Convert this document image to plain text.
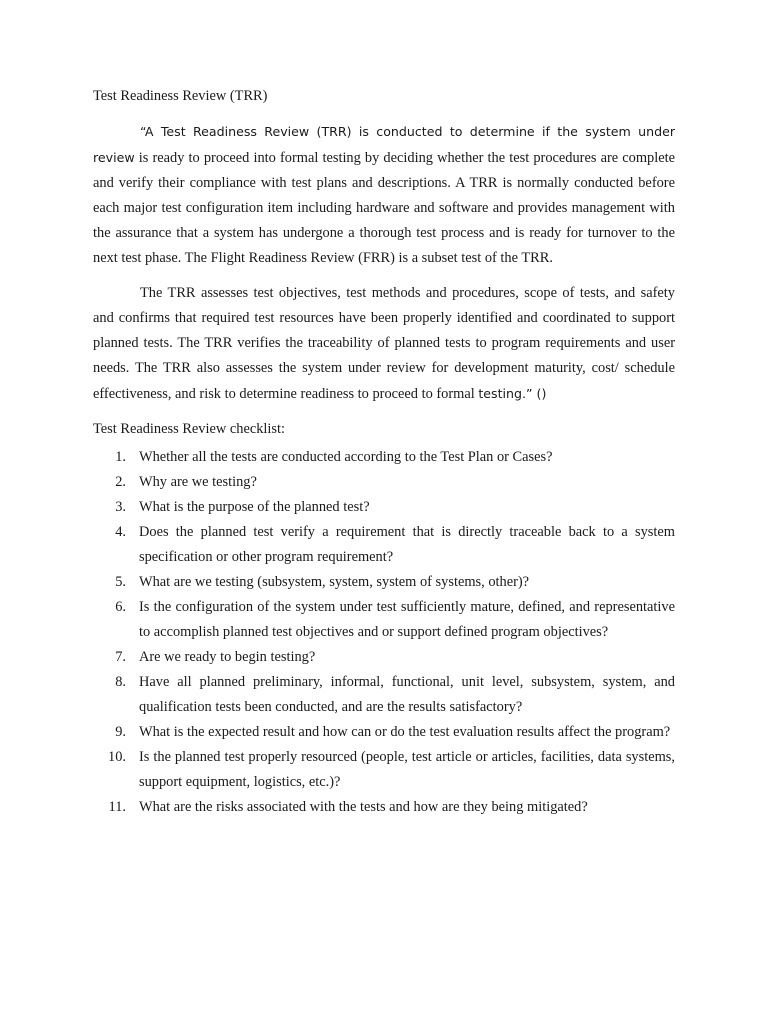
Test Readiness Review (TRR)

“A Test Readiness Review (TRR) is conducted to determine if the system under review is ready to proceed into formal testing by deciding whether the test procedures are complete and verify their compliance with test plans and descriptions. A TRR is normally conducted before each major test configuration item including hardware and software and provides management with the assurance that a system has undergone a thorough test process and is ready for turnover to the next test phase. The Flight Readiness Review (FRR) is a subset test of the TRR.

The TRR assesses test objectives, test methods and procedures, scope of tests, and safety and confirms that required test resources have been properly identified and coordinated to support planned tests. The TRR verifies the traceability of planned tests to program requirements and user needs. The TRR also assesses the system under review for development maturity, cost/ schedule effectiveness, and risk to determine readiness to proceed to formal testing.” ()

Test Readiness Review checklist:

1. Whether all the tests are conducted according to the Test Plan or Cases?
2. Why are we testing?
3. What is the purpose of the planned test?
4. Does the planned test verify a requirement that is directly traceable back to a system specification or other program requirement?
5. What are we testing (subsystem, system, system of systems, other)?
6. Is the configuration of the system under test sufficiently mature, defined, and representative to accomplish planned test objectives and or support defined program objectives?
7. Are we ready to begin testing?
8. Have all planned preliminary, informal, functional, unit level, subsystem, system, and qualification tests been conducted, and are the results satisfactory?
9. What is the expected result and how can or do the test evaluation results affect the program?
10. Is the planned test properly resourced (people, test article or articles, facilities, data systems, support equipment, logistics, etc.)?
11. What are the risks associated with the tests and how are they being mitigated?
